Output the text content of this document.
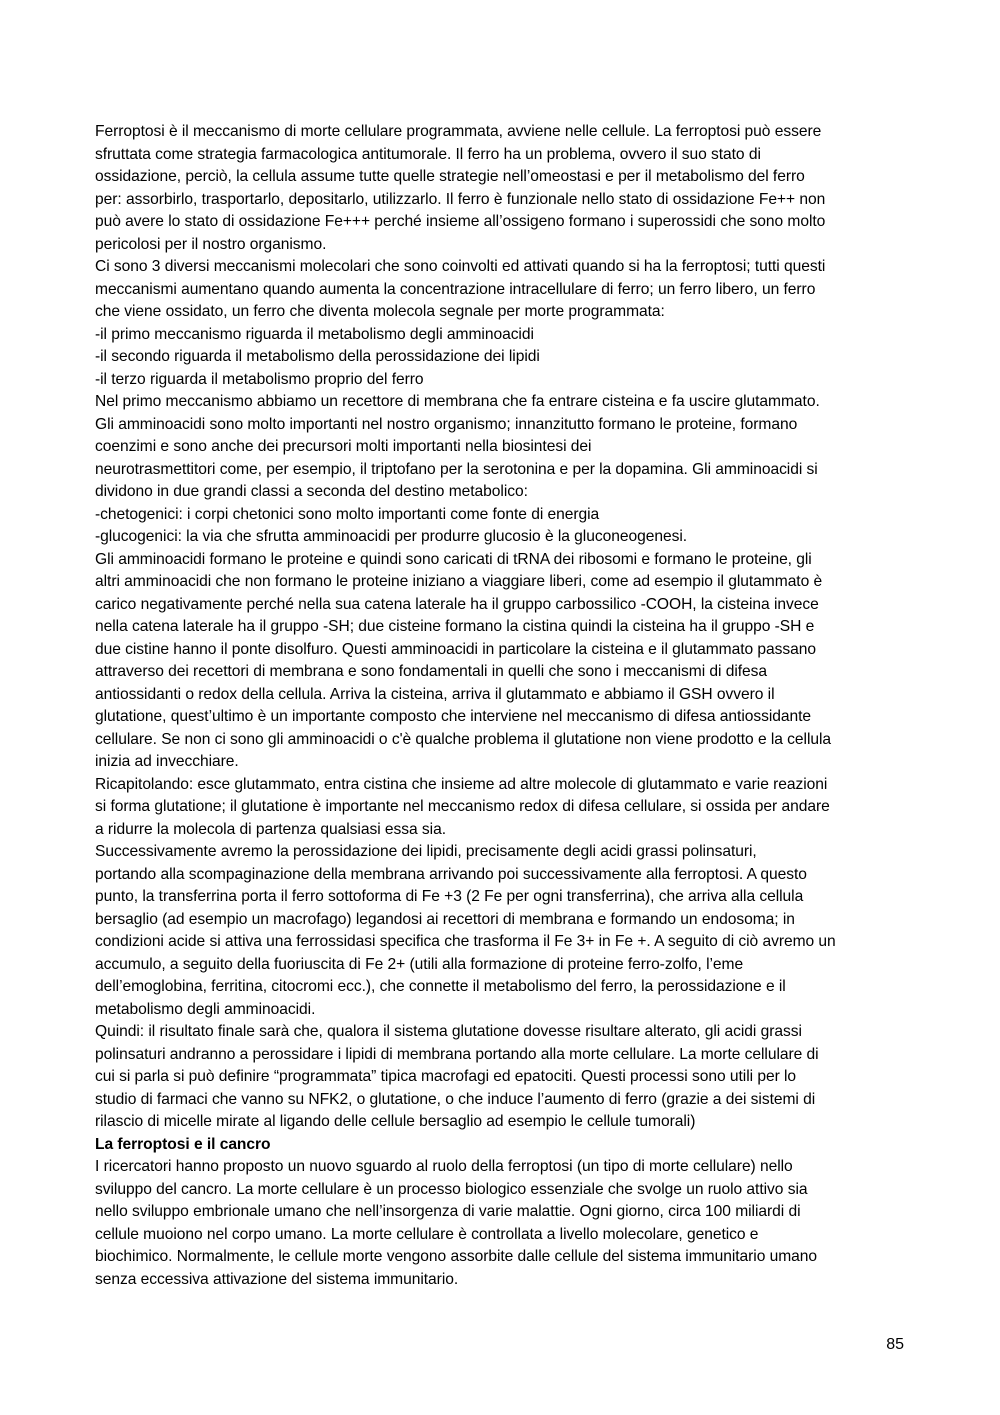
Ferroptosi è il meccanismo di morte cellulare programmata, avviene nelle cellule. La ferroptosi può essere
sfruttata come strategia farmacologica antitumorale. Il ferro ha un problema, ovvero il suo stato di
ossidazione, perciò, la cellula assume tutte quelle strategie nell’omeostasi e per il metabolismo del ferro
per: assorbirlo, trasportarlo, depositarlo, utilizzarlo. Il ferro è funzionale nello stato di ossidazione Fe++ non
può avere lo stato di ossidazione Fe+++ perché insieme all’ossigeno formano i superossidi che sono molto
pericolosi per il nostro organismo.
Ci sono 3 diversi meccanismi molecolari che sono coinvolti ed attivati quando si ha la ferroptosi; tutti questi
meccanismi aumentano quando aumenta la concentrazione intracellulare di ferro; un ferro libero, un ferro
che viene ossidato, un ferro che diventa molecola segnale per morte programmata:
-il primo meccanismo riguarda il metabolismo degli amminoacidi
-il secondo riguarda il metabolismo della perossidazione dei lipidi
-il terzo riguarda il metabolismo proprio del ferro
Nel primo meccanismo abbiamo un recettore di membrana che fa entrare cisteina e fa uscire glutammato.
Gli amminoacidi sono molto importanti nel nostro organismo; innanzitutto formano le proteine, formano
coenzimi e sono anche dei precursori molti importanti nella biosintesi dei
neurotrasmettitori come, per esempio, il triptofano per la serotonina e per la dopamina. Gli amminoacidi si
dividono in due grandi classi a seconda del destino metabolico:
-chetogenici: i corpi chetonici sono molto importanti come fonte di energia
-glucogenici: la via che sfrutta amminoacidi per produrre glucosio è la gluconeogenesi.
Gli amminoacidi formano le proteine e quindi sono caricati di tRNA dei ribosomi e formano le proteine, gli
altri amminoacidi che non formano le proteine iniziano a viaggiare liberi, come ad esempio il glutammato è
carico negativamente perché nella sua catena laterale ha il gruppo carbossilico -COOH, la cisteina invece
nella catena laterale ha il gruppo -SH; due cisteine formano la cistina quindi la cisteina ha il gruppo -SH e
due cistine hanno il ponte disolfuro. Questi amminoacidi in particolare la cisteina e il glutammato passano
attraverso dei recettori di membrana e sono fondamentali in quelli che sono i meccanismi di difesa
antiossidanti o redox della cellula. Arriva la cisteina, arriva il glutammato e abbiamo il GSH ovvero il
glutatione, quest’ultimo è un importante composto che interviene nel meccanismo di difesa antiossidante
cellulare. Se non ci sono gli amminoacidi o c'è qualche problema il glutatione non viene prodotto e la cellula
inizia ad invecchiare.
Ricapitolando: esce glutammato, entra cistina che insieme ad altre molecole di glutammato e varie reazioni
si forma glutatione; il glutatione è importante nel meccanismo redox di difesa cellulare, si ossida per andare
a ridurre la molecola di partenza qualsiasi essa sia.
Successivamente avremo la perossidazione dei lipidi, precisamente degli acidi grassi polinsaturi,
portando alla scompaginazione della membrana arrivando poi successivamente alla ferroptosi. A questo
punto, la transferrina porta il ferro sottoforma di Fe +3 (2 Fe per ogni transferrina), che arriva alla cellula
bersaglio (ad esempio un macrofago) legandosi ai recettori di membrana e formando un endosoma; in
condizioni acide si attiva una ferrossidasi specifica che trasforma il Fe 3+ in Fe +. A seguito di ciò avremo un
accumulo, a seguito della fuoriuscita di Fe 2+ (utili alla formazione di proteine ferro-zolfo, l’eme
dell’emoglobina, ferritina, citocromi ecc.), che connette il metabolismo del ferro, la perossidazione e il
metabolismo degli amminoacidi.
Quindi: il risultato finale sarà che, qualora il sistema glutatione dovesse risultare alterato, gli acidi grassi
polinsaturi andranno a perossidare i lipidi di membrana portando alla morte cellulare. La morte cellulare di
cui si parla si può definire “programmata” tipica macrofagi ed epatociti. Questi processi sono utili per lo
studio di farmaci che vanno su NFK2, o glutatione, o che induce l’aumento di ferro (grazie a dei sistemi di
rilascio di micelle mirate al ligando delle cellule bersaglio ad esempio le cellule tumorali)
La ferroptosi e il cancro
I ricercatori hanno proposto un nuovo sguardo al ruolo della ferroptosi (un tipo di morte cellulare) nello
sviluppo del cancro. La morte cellulare è un processo biologico essenziale che svolge un ruolo attivo sia
nello sviluppo embrionale umano che nell’insorgenza di varie malattie. Ogni giorno, circa 100 miliardi di
cellule muoiono nel corpo umano. La morte cellulare è controllata a livello molecolare, genetico e
biochimico. Normalmente, le cellule morte vengono assorbite dalle cellule del sistema immunitario umano
senza eccessiva attivazione del sistema immunitario.
85
